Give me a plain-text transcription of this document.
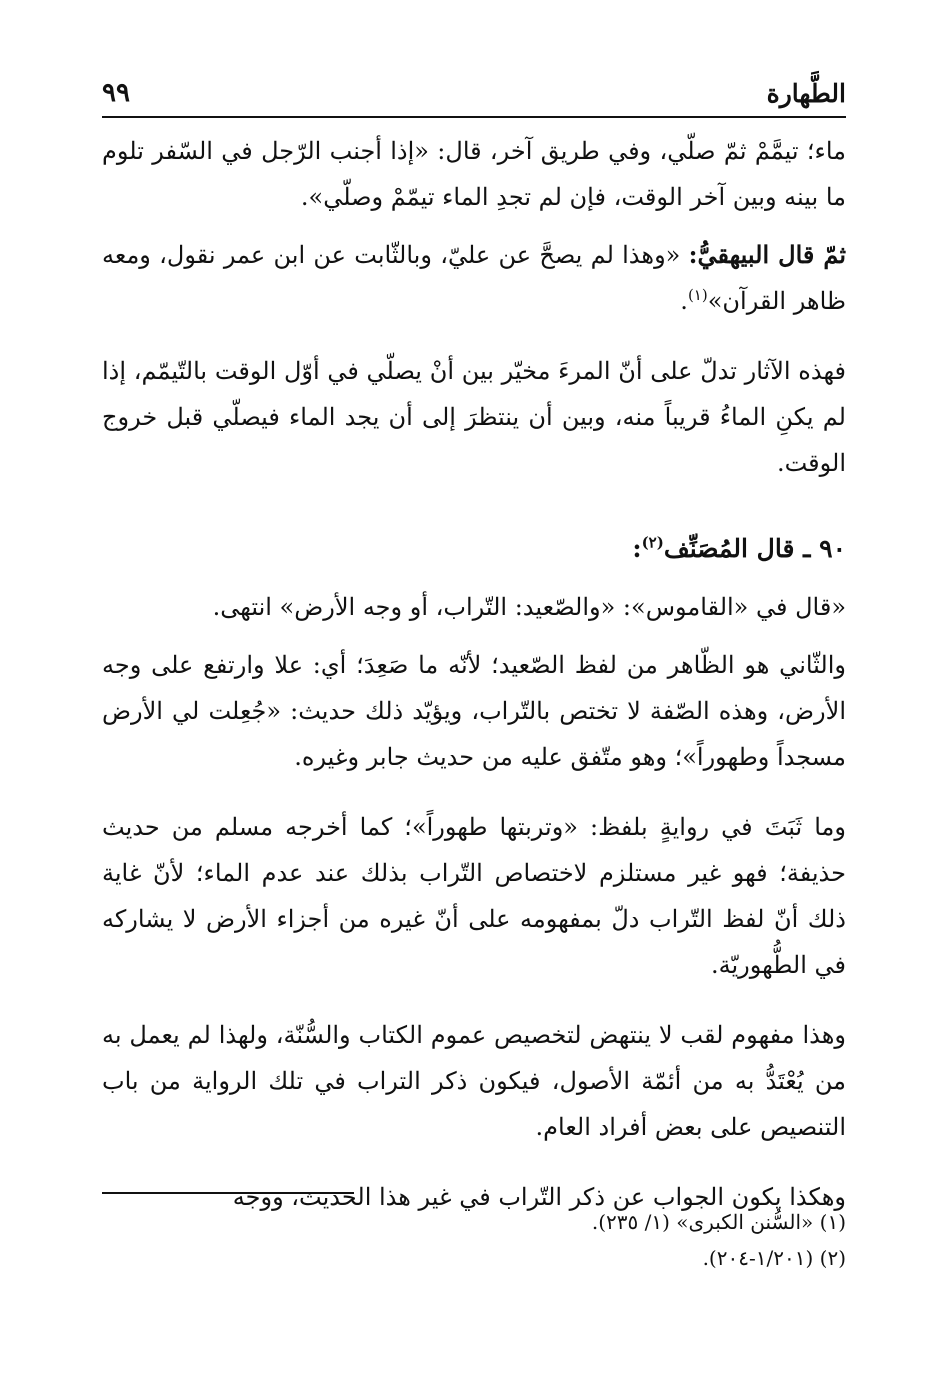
الطَّهارة
٩٩

ماء؛ تيمَّمْ ثمّ صلّي، وفي طريق آخر، قال: «إذا أجنب الرّجل في السّفر تلوم ما بينه وبين آخر الوقت، فإن لم تجدِ الماء تيمّمْ وصلّي».

ثمّ قال البيهقيُّ: «وهذا لم يصحَّ عن عليّ، وبالثّابت عن ابن عمر نقول، ومعه ظاهر القرآن»$^{(١)}$.

فهذه الآثار تدلّ على أنّ المرءَ مخيّر بين أنْ يصلّي في أوّل الوقت بالتّيمّم، إذا لم يكنِ الماءُ قريباً منه، وبين أن ينتظرَ إلى أن يجد الماء فيصلّي قبل خروج الوقت.

٩٠ ـ قال المُصَنِّف$^{(٢)}$:

«قال في «القاموس»: «والصّعيد: التّراب، أو وجه الأرض» انتهى.

والثّاني هو الظّاهر من لفظ الصّعيد؛ لأنّه ما صَعِدَ؛ أي: علا وارتفع على وجه الأرض، وهذه الصّفة لا تختص بالتّراب، ويؤيّد ذلك حديث: «جُعِلت لي الأرض مسجداً وطهوراً»؛ وهو متّفق عليه من حديث جابر وغيره.

وما ثَبَتَ في روايةٍ بلفظ: «وتربتها طهوراً»؛ كما أخرجه مسلم من حديث حذيفة؛ فهو غير مستلزم لاختصاص التّراب بذلك عند عدم الماء؛ لأنّ غاية ذلك أنّ لفظ التّراب دلّ بمفهومه على أنّ غيره من أجزاء الأرض لا يشاركه في الطُّهوريّة.

وهذا مفهوم لقب لا ينتهض لتخصيص عموم الكتاب والسُّنّة، ولهذا لم يعمل به من يُعْتَدُّ به من أئمّة الأصول، فيكون ذكر التراب في تلك الرواية من باب التنصيص على بعض أفراد العام.

وهكذا يكون الجواب عن ذكر التّراب في غير هذا الحديث، ووجه

(١) «السُّنن الكبرى» (١/ ٢٣٥).

(٢) (١/٢٠١-٢٠٤).
